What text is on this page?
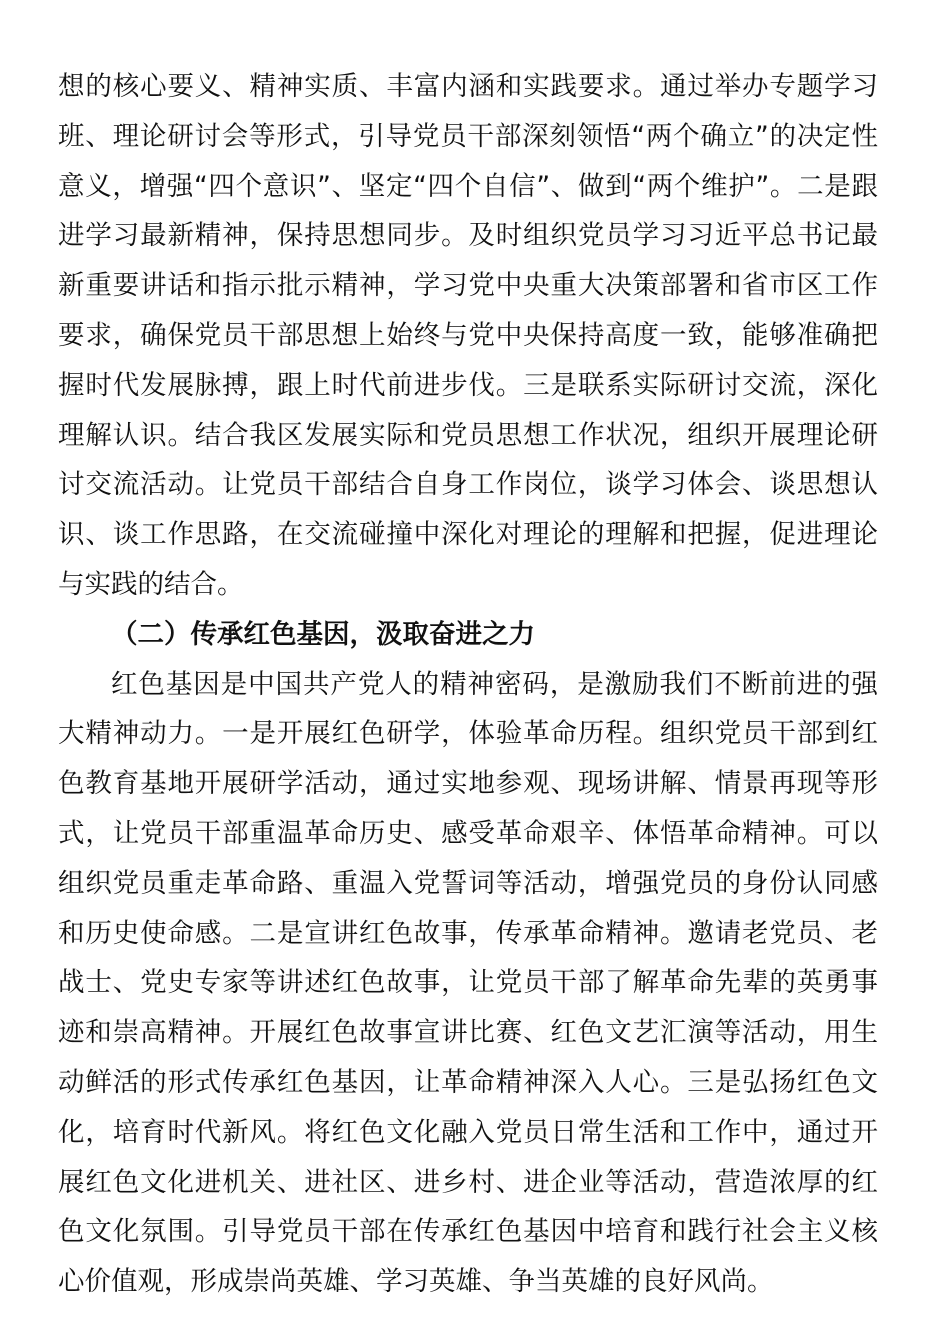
想的核心要义、精神实质、丰富内涵和实践要求。通过举办专题学习班、理论研讨会等形式，引导党员干部深刻领悟“两个确立”的决定性意义，增强“四个意识”、坚定“四个自信”、做到“两个维护”。二是跟进学习最新精神，保持思想同步。及时组织党员学习习近平总书记最新重要讲话和指示批示精神，学习党中央重大决策部署和省市区工作要求，确保党员干部思想上始终与党中央保持高度一致，能够准确把握时代发展脉搏，跟上时代前进步伐。三是联系实际研讨交流，深化理解认识。结合我区发展实际和党员思想工作状况，组织开展理论研讨交流活动。让党员干部结合自身工作岗位，谈学习体会、谈思想认识、谈工作思路，在交流碰撞中深化对理论的理解和把握，促进理论与实践的结合。

（二）传承红色基因，汲取奋进之力

红色基因是中国共产党人的精神密码，是激励我们不断前进的强大精神动力。一是开展红色研学，体验革命历程。组织党员干部到红色教育基地开展研学活动，通过实地参观、现场讲解、情景再现等形式，让党员干部重温革命历史、感受革命艰辛、体悟革命精神。可以组织党员重走革命路、重温入党誓词等活动，增强党员的身份认同感和历史使命感。二是宣讲红色故事，传承革命精神。邀请老党员、老战士、党史专家等讲述红色故事，让党员干部了解革命先辈的英勇事迹和崇高精神。开展红色故事宣讲比赛、红色文艺汇演等活动，用生动鲜活的形式传承红色基因，让革命精神深入人心。三是弘扬红色文化，培育时代新风。将红色文化融入党员日常生活和工作中，通过开展红色文化进机关、进社区、进乡村、进企业等活动，营造浓厚的红色文化氛围。引导党员干部在传承红色基因中培育和践行社会主义核心价值观，形成崇尚英雄、学习英雄、争当英雄的良好风尚。
